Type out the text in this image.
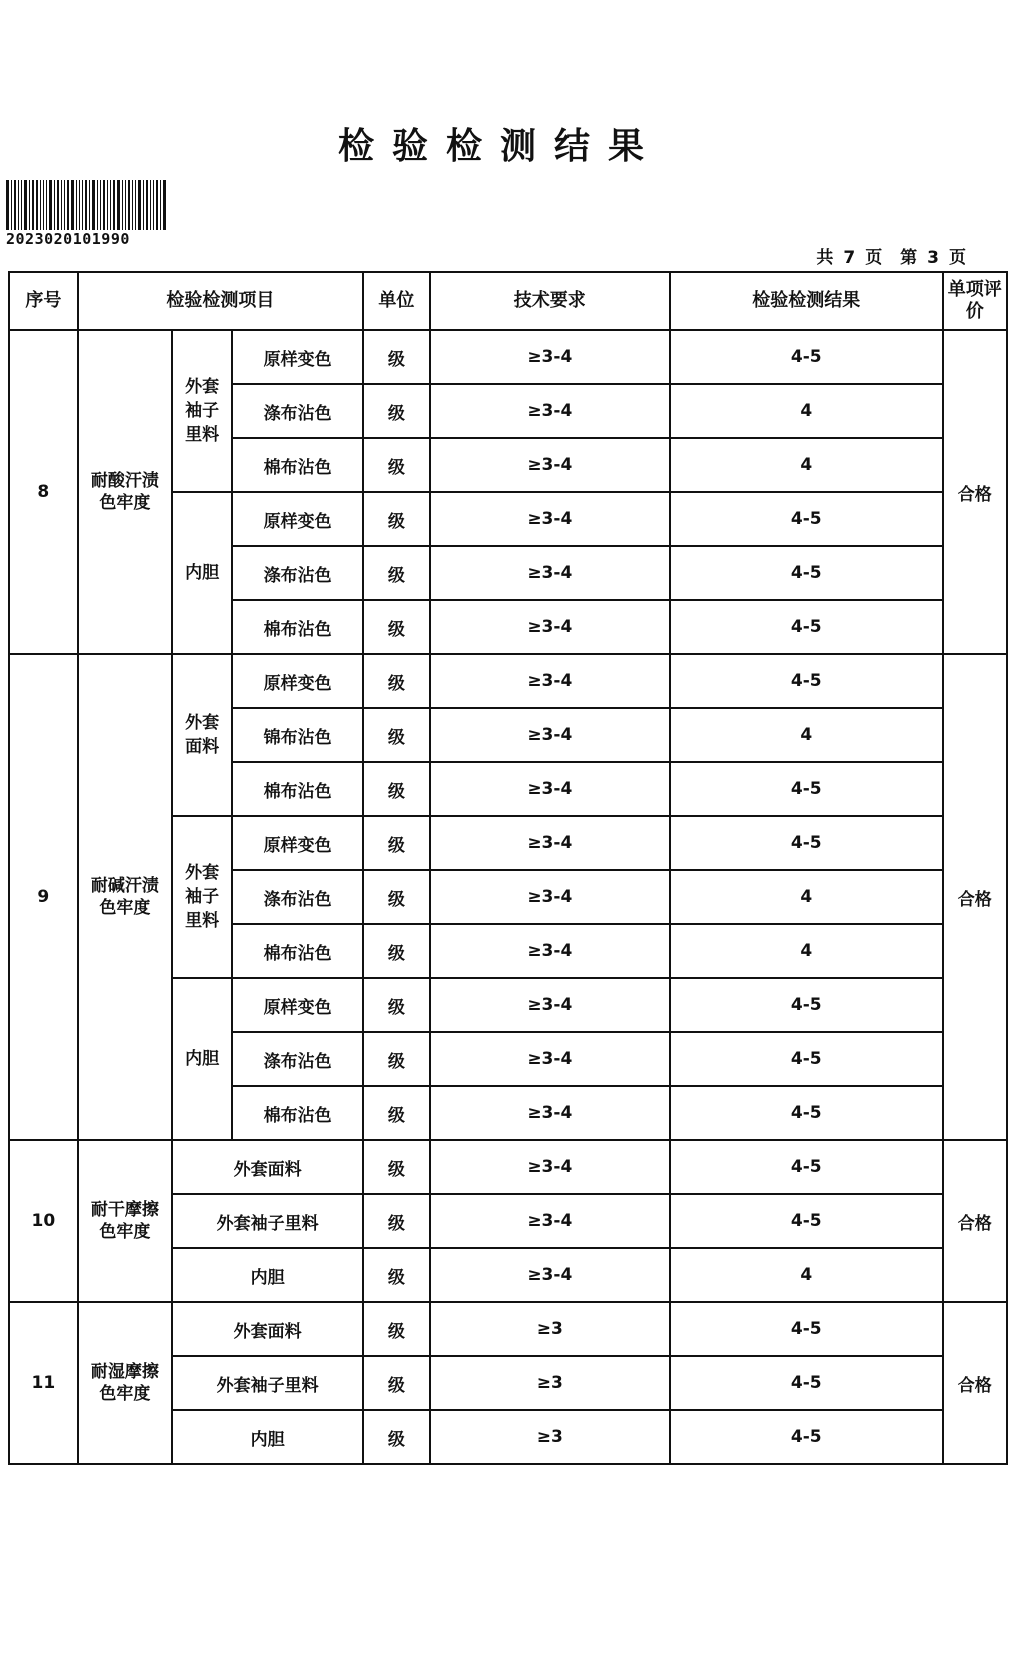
检验检测结果
2023020101990
共 7 页 第 3 页
序号	检验检测项目			单位	技术要求	检验检测结果	单项评价
8	耐酸汗渍色牢度	外套袖子里料	原样变色	级	≥3-4	4-5	合格
			涤布沾色	级	≥3-4	4	
			棉布沾色	级	≥3-4	4	
		内胆	原样变色	级	≥3-4	4-5	
			涤布沾色	级	≥3-4	4-5	
			棉布沾色	级	≥3-4	4-5	
9	耐碱汗渍色牢度	外套面料	原样变色	级	≥3-4	4-5	合格
			锦布沾色	级	≥3-4	4	
			棉布沾色	级	≥3-4	4-5	
		外套袖子里料	原样变色	级	≥3-4	4-5	
			涤布沾色	级	≥3-4	4	
			棉布沾色	级	≥3-4	4	
		内胆	原样变色	级	≥3-4	4-5	
			涤布沾色	级	≥3-4	4-5	
			棉布沾色	级	≥3-4	4-5	
10	耐干摩擦色牢度	外套面料		级	≥3-4	4-5	合格
		外套袖子里料		级	≥3-4	4-5	
		内胆		级	≥3-4	4	
11	耐湿摩擦色牢度	外套面料		级	≥3	4-5	合格
		外套袖子里料		级	≥3	4-5	
		内胆		级	≥3	4-5	
